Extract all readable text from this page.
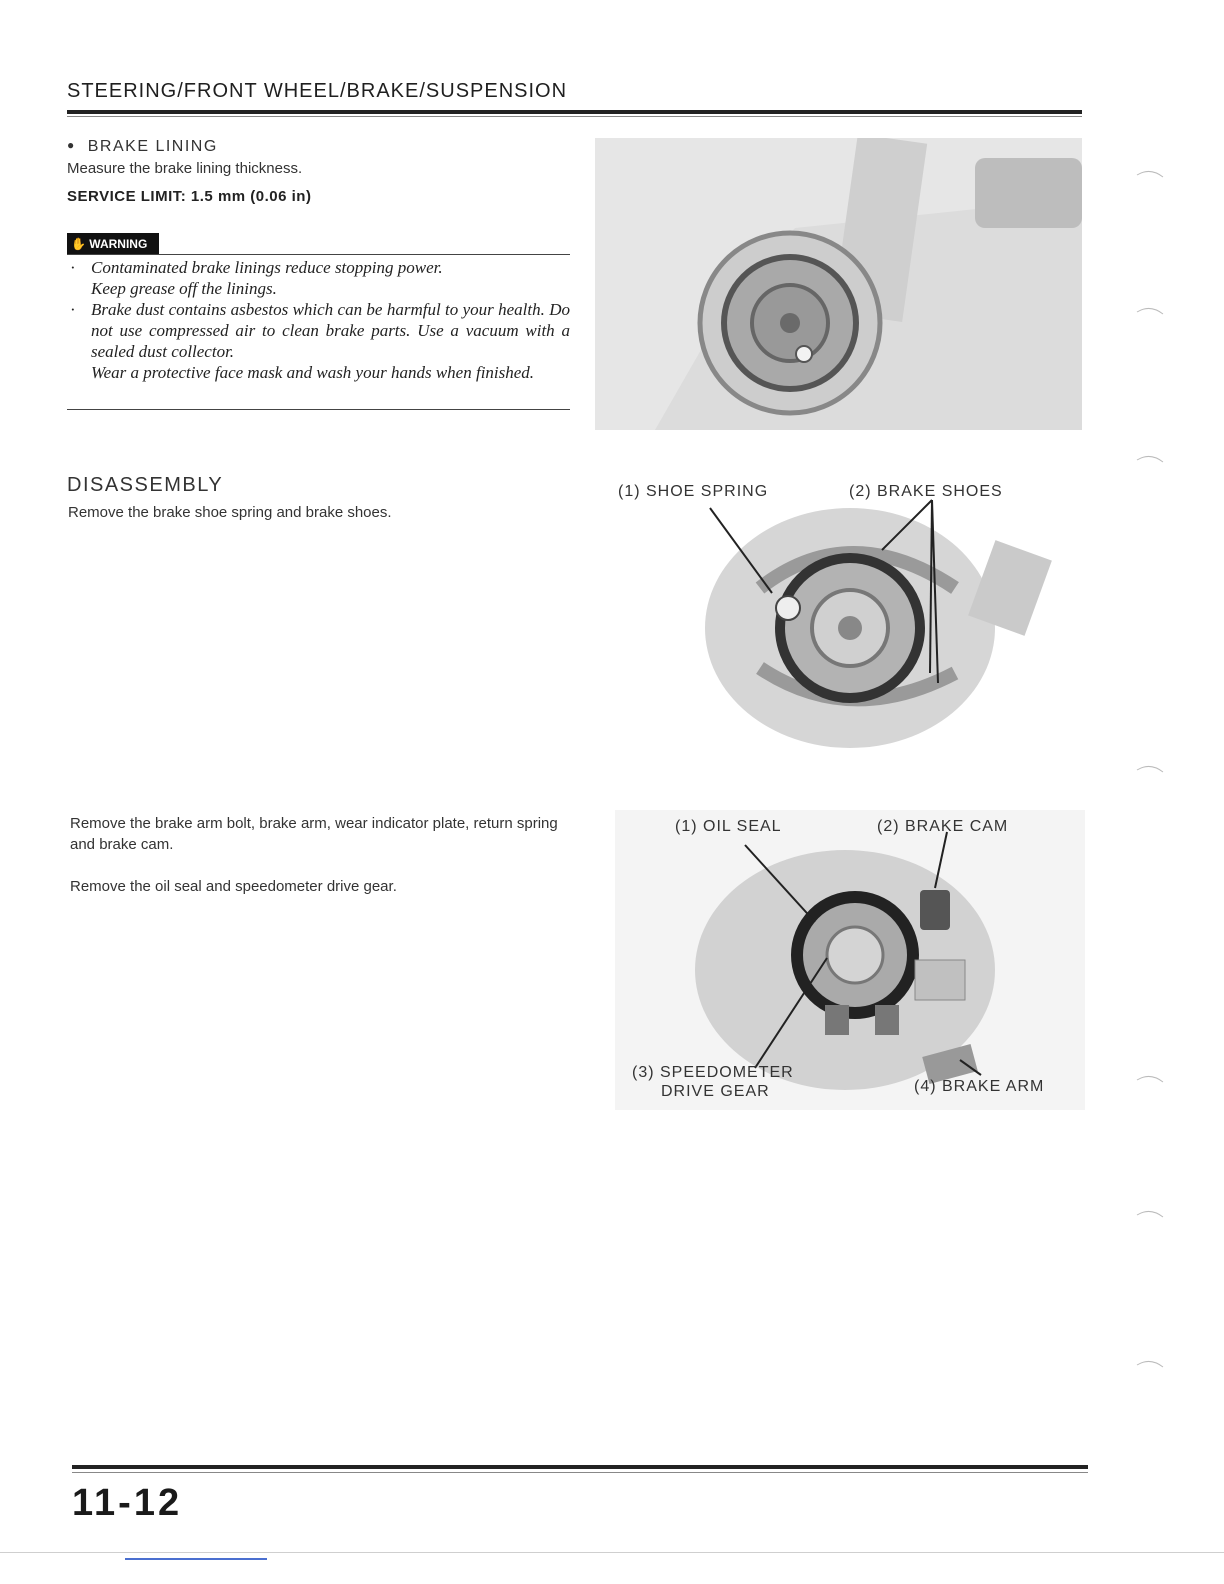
STEERING/FRONT WHEEL/BRAKE/SUSPENSION
● BRAKE LINING
Measure the brake lining thickness.
SERVICE LIMIT: 1.5 mm (0.06 in)
✋ WARNING
· Contaminated brake linings reduce stopping power.
Keep grease off the linings.
· Brake dust contains asbestos which can be harmful to your health. Do not use compressed air to clean brake parts. Use a vacuum with a sealed dust collector.
Wear a protective face mask and wash your hands when finished.
DISASSEMBLY
Remove the brake shoe spring and brake shoes.
(1) SHOE SPRING	(2) BRAKE SHOES
Remove the brake arm bolt, brake arm, wear indicator plate, return spring and brake cam.
Remove the oil seal and speedometer drive gear.
(1) OIL SEAL	(2) BRAKE CAM
(3) SPEEDOMETER
DRIVE GEAR	(4) BRAKE ARM
11-12
